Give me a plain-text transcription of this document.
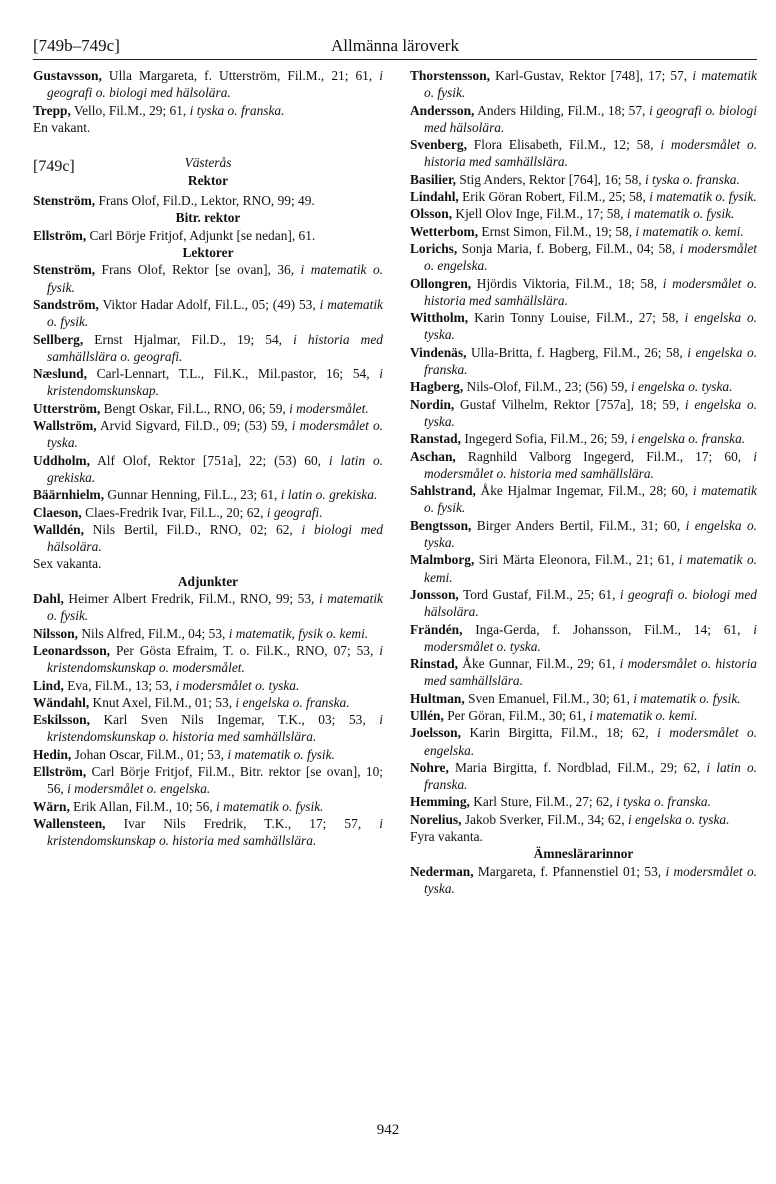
[749b–749c]	Allmänna läroverk

Gustavsson, Ulla Margareta, f. Utterström, Fil.M., 21; 61, i geografi o. biologi med hälsolära.

Trepp, Vello, Fil.M., 29; 61, i tyska o. franska.

En vakant.

[749c]	Västerås
Rektor

Stenström, Frans Olof, Fil.D., Lektor, RNO, 99; 49.

Bitr. rektor

Ellström, Carl Börje Fritjof, Adjunkt [se nedan], 61.

Lektorer

Stenström, Frans Olof, Rektor [se ovan], 36, i matematik o. fysik.

Sandström, Viktor Hadar Adolf, Fil.L., 05; (49) 53, i matematik o. fysik.

Sellberg, Ernst Hjalmar, Fil.D., 19; 54, i historia med samhällslära o. geografi.

Næslund, Carl-Lennart, T.L., Fil.K., Mil.pastor, 16; 54, i kristendomskunskap.

Utterström, Bengt Oskar, Fil.L., RNO, 06; 59, i modersmålet.

Wallström, Arvid Sigvard, Fil.D., 09; (53) 59, i modersmålet o. tyska.

Uddholm, Alf Olof, Rektor [751a], 22; (53) 60, i latin o. grekiska.

Bäärnhielm, Gunnar Henning, Fil.L., 23; 61, i latin o. grekiska.

Claeson, Claes-Fredrik Ivar, Fil.L., 20; 62, i geografi.

Walldén, Nils Bertil, Fil.D., RNO, 02; 62, i biologi med hälsolära.

Sex vakanta.

Adjunkter

Dahl, Heimer Albert Fredrik, Fil.M., RNO, 99; 53, i matematik o. fysik.

Nilsson, Nils Alfred, Fil.M., 04; 53, i matematik, fysik o. kemi.

Leonardsson, Per Gösta Efraim, T. o. Fil.K., RNO, 07; 53, i kristendomskunskap o. modersmålet.

Lind, Eva, Fil.M., 13; 53, i modersmålet o. tyska.

Wändahl, Knut Axel, Fil.M., 01; 53, i engelska o. franska.

Eskilsson, Karl Sven Nils Ingemar, T.K., 03; 53, i kristendomskunskap o. historia med samhällslära.

Hedin, Johan Oscar, Fil.M., 01; 53, i matematik o. fysik.

Ellström, Carl Börje Fritjof, Fil.M., Bitr. rektor [se ovan], 10; 56, i modersmålet o. engelska.

Wärn, Erik Allan, Fil.M., 10; 56, i matematik o. fysik.

Wallensteen, Ivar Nils Fredrik, T.K., 17; 57, i kristendomskunskap o. historia med samhällslära.

Thorstensson, Karl-Gustav, Rektor [748], 17; 57, i matematik o. fysik.

Andersson, Anders Hilding, Fil.M., 18; 57, i geografi o. biologi med hälsolära.

Svenberg, Flora Elisabeth, Fil.M., 12; 58, i modersmålet o. historia med samhällslära.

Basilier, Stig Anders, Rektor [764], 16; 58, i tyska o. franska.

Lindahl, Erik Göran Robert, Fil.M., 25; 58, i matematik o. fysik.

Olsson, Kjell Olov Inge, Fil.M., 17; 58, i matematik o. fysik.

Wetterbom, Ernst Simon, Fil.M., 19; 58, i matematik o. kemi.

Lorichs, Sonja Maria, f. Boberg, Fil.M., 04; 58, i modersmålet o. engelska.

Ollongren, Hjördis Viktoria, Fil.M., 18; 58, i modersmålet o. historia med samhällslära.

Wittholm, Karin Tonny Louise, Fil.M., 27; 58, i engelska o. tyska.

Vindenäs, Ulla-Britta, f. Hagberg, Fil.M., 26; 58, i engelska o. franska.

Hagberg, Nils-Olof, Fil.M., 23; (56) 59, i engelska o. tyska.

Nordin, Gustaf Vilhelm, Rektor [757a], 18; 59, i engelska o. tyska.

Ranstad, Ingegerd Sofia, Fil.M., 26; 59, i engelska o. franska.

Aschan, Ragnhild Valborg Ingegerd, Fil.M., 17; 60, i modersmålet o. historia med samhällslära.

Sahlstrand, Åke Hjalmar Ingemar, Fil.M., 28; 60, i matematik o. fysik.

Bengtsson, Birger Anders Bertil, Fil.M., 31; 60, i engelska o. tyska.

Malmborg, Siri Märta Eleonora, Fil.M., 21; 61, i matematik o. kemi.

Jonsson, Tord Gustaf, Fil.M., 25; 61, i geografi o. biologi med hälsolära.

Frändén, Inga-Gerda, f. Johansson, Fil.M., 14; 61, i modersmålet o. tyska.

Rinstad, Åke Gunnar, Fil.M., 29; 61, i modersmålet o. historia med samhällslära.

Hultman, Sven Emanuel, Fil.M., 30; 61, i matematik o. fysik.

Ullén, Per Göran, Fil.M., 30; 61, i matematik o. kemi.

Joelsson, Karin Birgitta, Fil.M., 18; 62, i modersmålet o. engelska.

Nohre, Maria Birgitta, f. Nordblad, Fil.M., 29; 62, i latin o. franska.

Hemming, Karl Sture, Fil.M., 27; 62, i tyska o. franska.

Norelius, Jakob Sverker, Fil.M., 34; 62, i engelska o. tyska.

Fyra vakanta.

Ämneslärarinnor

Nederman, Margareta, f. Pfannenstiel 01; 53, i modersmålet o. tyska.

942
